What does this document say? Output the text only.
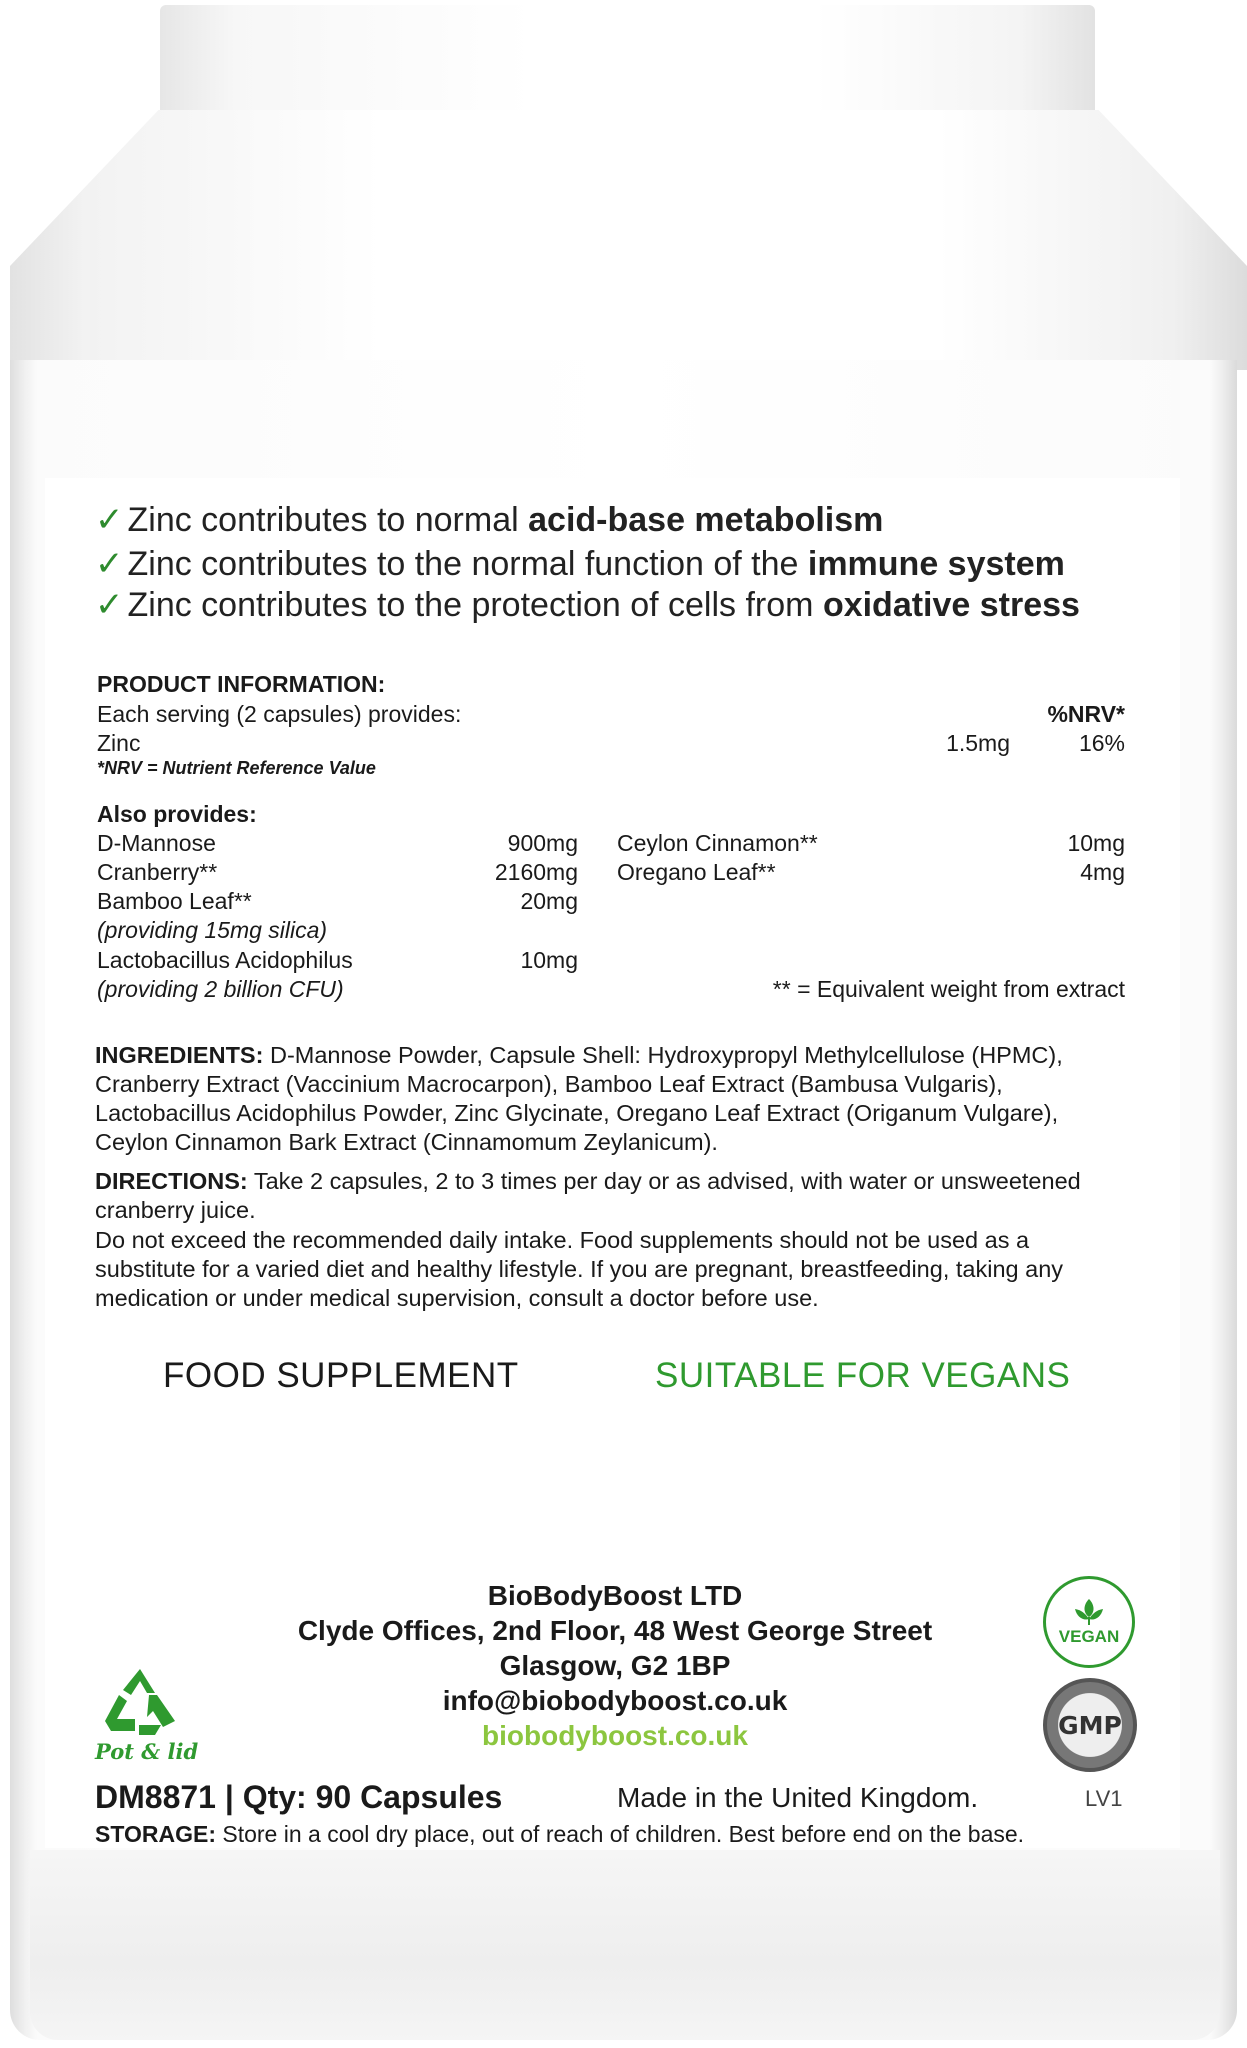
✓ Zinc contributes to normal acid-base metabolism
✓ Zinc contributes to the normal function of the immune system
✓ Zinc contributes to the protection of cells from oxidative stress
PRODUCT INFORMATION:
Each serving (2 capsules) provides:	%NRV*
Zinc	1.5mg	16%
*NRV = Nutrient Reference Value
Also provides:
D-Mannose	900mg
Cranberry**	2160mg
Bamboo Leaf**	20mg
(providing 15mg silica)
Lactobacillus Acidophilus	10mg
(providing 2 billion CFU)
Ceylon Cinnamon**	10mg
Oregano Leaf**	4mg
** = Equivalent weight from extract
INGREDIENTS: D-Mannose Powder, Capsule Shell: Hydroxypropyl Methylcellulose (HPMC), Cranberry Extract (Vaccinium Macrocarpon), Bamboo Leaf Extract (Bambusa Vulgaris), Lactobacillus Acidophilus Powder, Zinc Glycinate, Oregano Leaf Extract (Origanum Vulgare), Ceylon Cinnamon Bark Extract (Cinnamomum Zeylanicum).
DIRECTIONS: Take 2 capsules, 2 to 3 times per day or as advised, with water or unsweetened cranberry juice.
Do not exceed the recommended daily intake. Food supplements should not be used as a substitute for a varied diet and healthy lifestyle. If you are pregnant, breastfeeding, taking any medication or under medical supervision, consult a doctor before use.
FOOD SUPPLEMENT	SUITABLE FOR VEGANS
BioBodyBoost LTD
Clyde Offices, 2nd Floor, 48 West George Street
Glasgow, G2 1BP
info@biobodyboost.co.uk
biobodyboost.co.uk
Pot & lid
VEGAN
GMP
DM8871 | Qty: 90 Capsules	Made in the United Kingdom.	LV1
STORAGE: Store in a cool dry place, out of reach of children. Best before end on the base.
